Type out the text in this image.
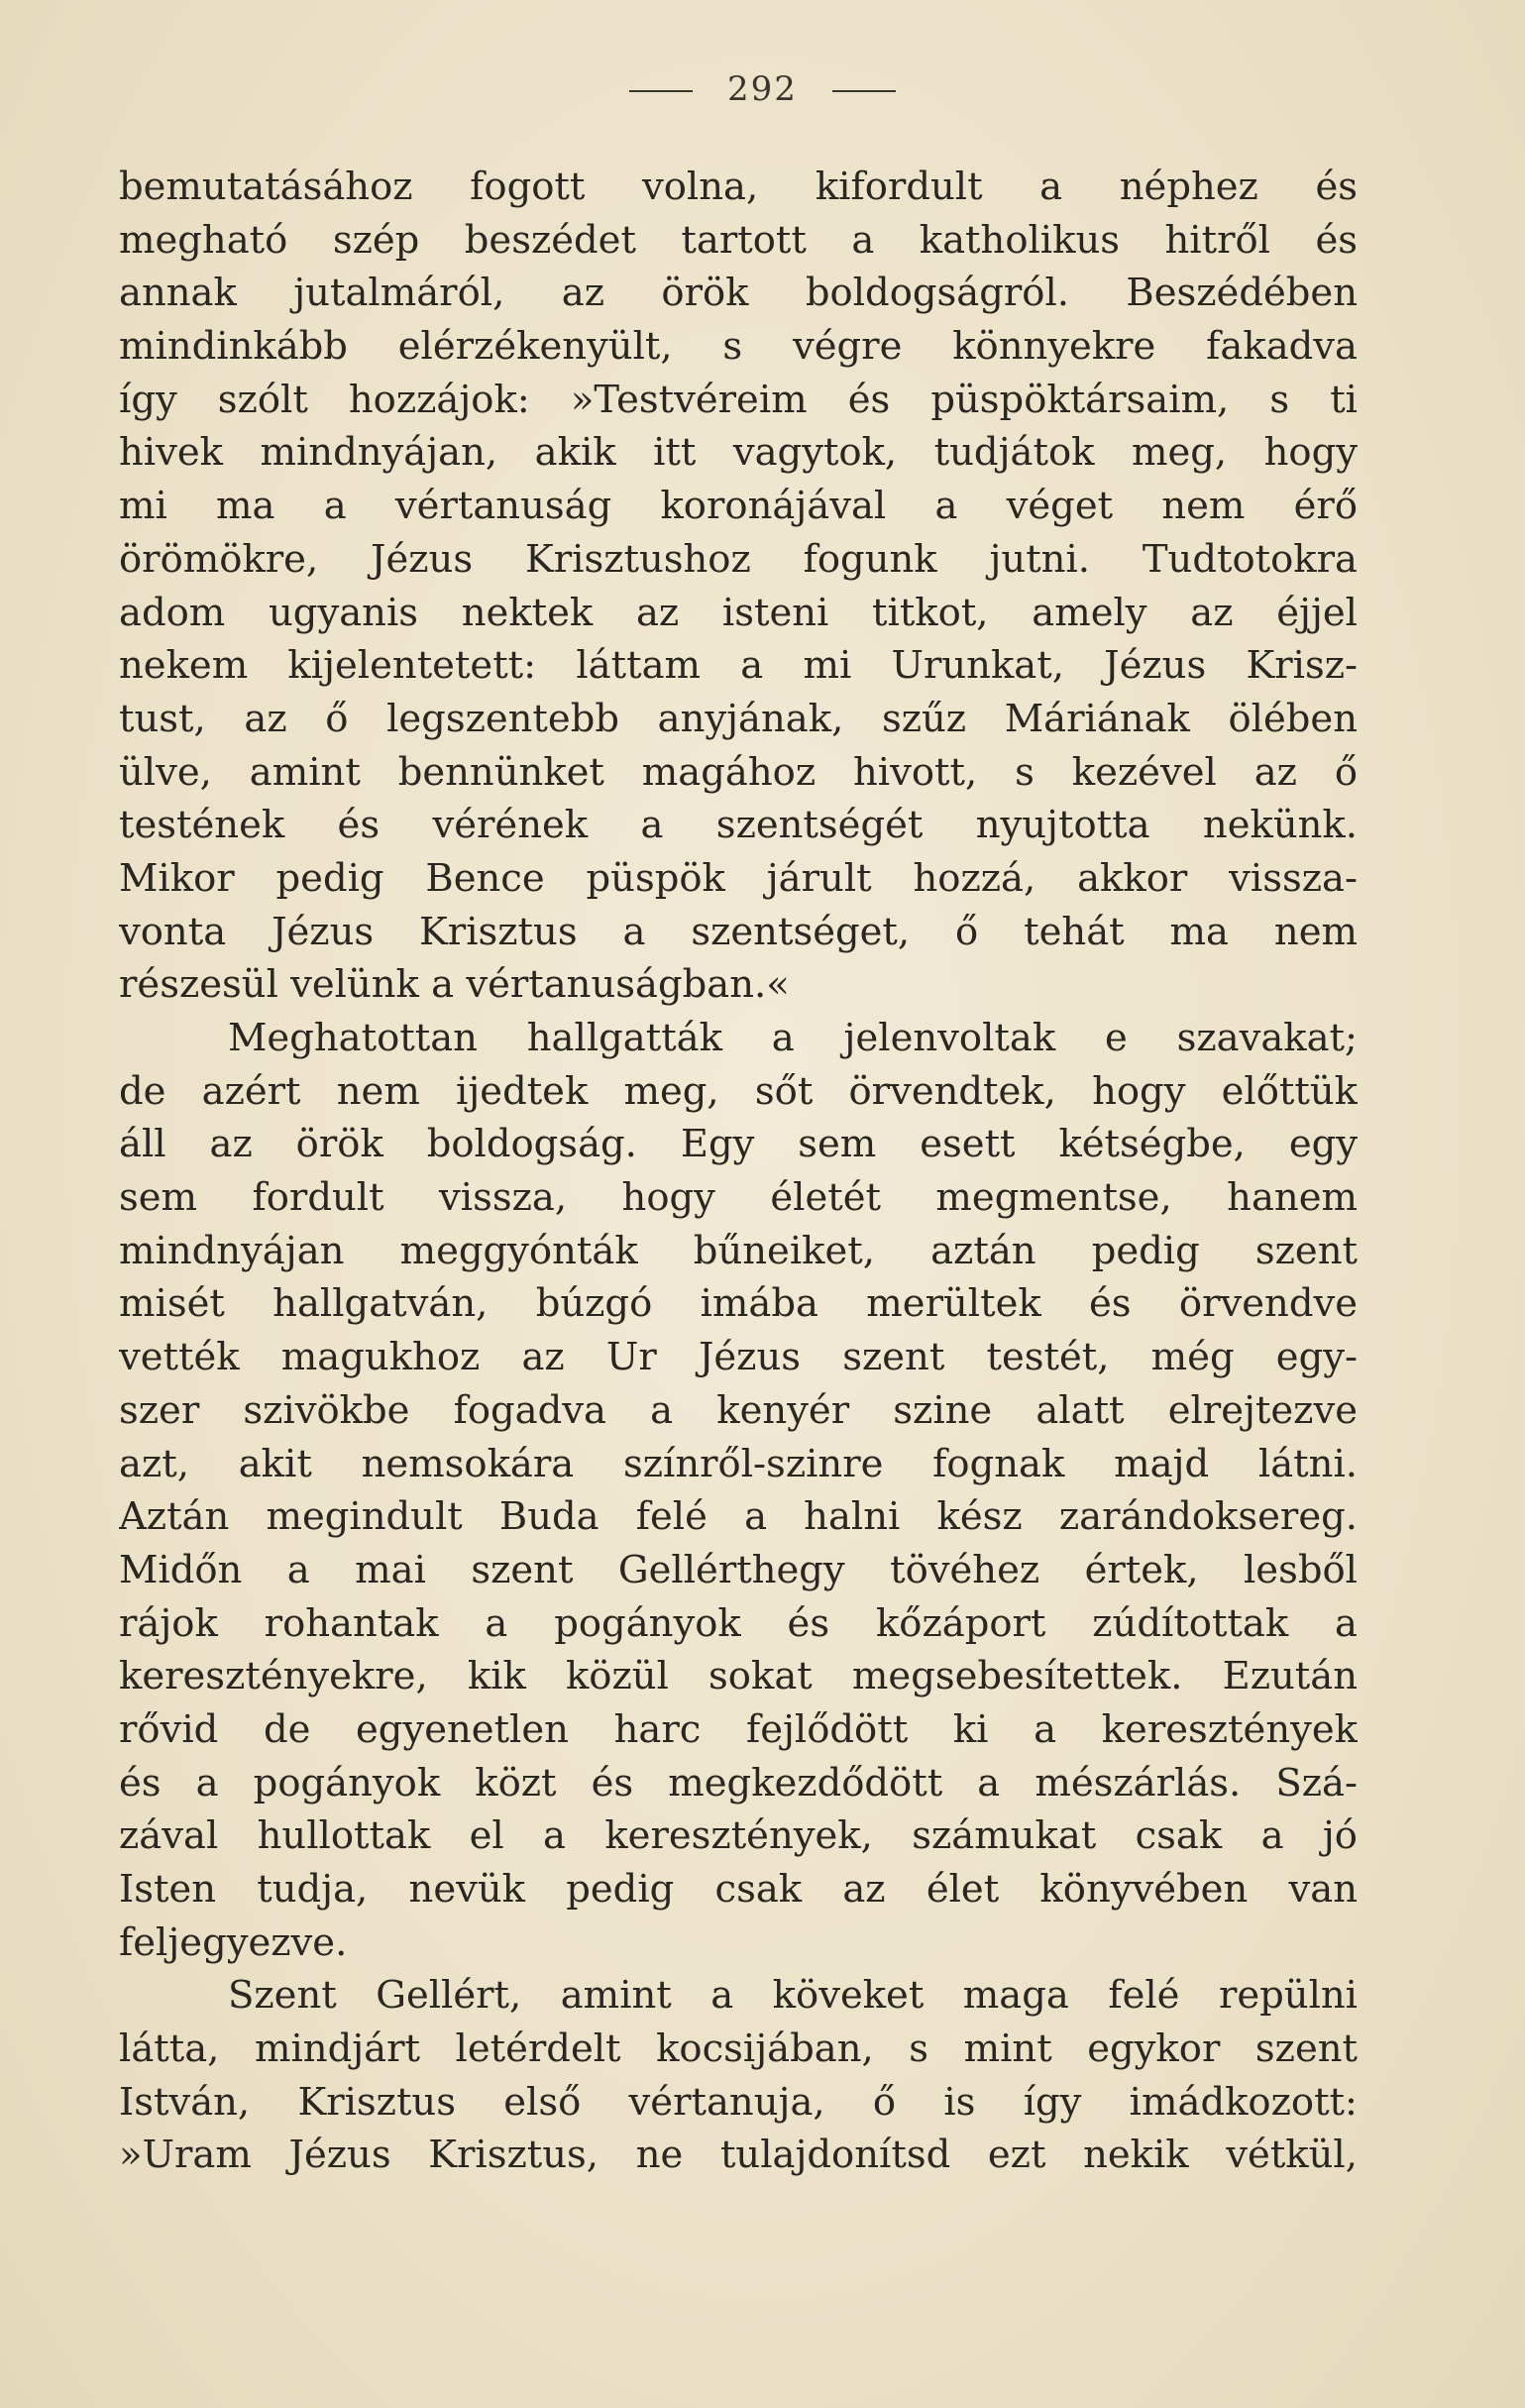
292
bemutatásához fogott volna, kifordult a néphez és
megható szép beszédet tartott a katholikus hitről és
annak jutalmáról, az örök boldogságról. Beszédében
mindinkább elérzékenyült, s végre könnyekre fakadva
így szólt hozzájok: »Testvéreim és püspöktársaim, s ti
hivek mindnyájan, akik itt vagytok, tudjátok meg, hogy
mi ma a vértanuság koronájával a véget nem érő
örömökre, Jézus Krisztushoz fogunk jutni. Tudtotokra
adom ugyanis nektek az isteni titkot, amely az éjjel
nekem kijelentetett: láttam a mi Urunkat, Jézus Krisz-
tust, az ő legszentebb anyjának, szűz Máriának ölében
ülve, amint bennünket magához hivott, s kezével az ő
testének és vérének a szentségét nyujtotta nekünk.
Mikor pedig Bence püspök járult hozzá, akkor vissza-
vonta Jézus Krisztus a szentséget, ő tehát ma nem
részesül velünk a vértanuságban.«
Meghatottan hallgatták a jelenvoltak e szavakat;
de azért nem ijedtek meg, sőt örvendtek, hogy előttük
áll az örök boldogság. Egy sem esett kétségbe, egy
sem fordult vissza, hogy életét megmentse, hanem
mindnyájan meggyónták bűneiket, aztán pedig szent
misét hallgatván, búzgó imába merültek és örvendve
vették magukhoz az Ur Jézus szent testét, még egy-
szer szivökbe fogadva a kenyér szine alatt elrejtezve
azt, akit nemsokára színről-szinre fognak majd látni.
Aztán megindult Buda felé a halni kész zarándoksereg.
Midőn a mai szent Gellérthegy tövéhez értek, lesből
rájok rohantak a pogányok és kőzáport zúdítottak a
keresztényekre, kik közül sokat megsebesítettek. Ezután
rővid de egyenetlen harc fejlődött ki a keresztények
és a pogányok közt és megkezdődött a mészárlás. Szá-
zával hullottak el a keresztények, számukat csak a jó
Isten tudja, nevük pedig csak az élet könyvében van
feljegyezve.
Szent Gellért, amint a köveket maga felé repülni
látta, mindjárt letérdelt kocsijában, s mint egykor szent
István, Krisztus első vértanuja, ő is így imádkozott:
»Uram Jézus Krisztus, ne tulajdonítsd ezt nekik vétkül,
